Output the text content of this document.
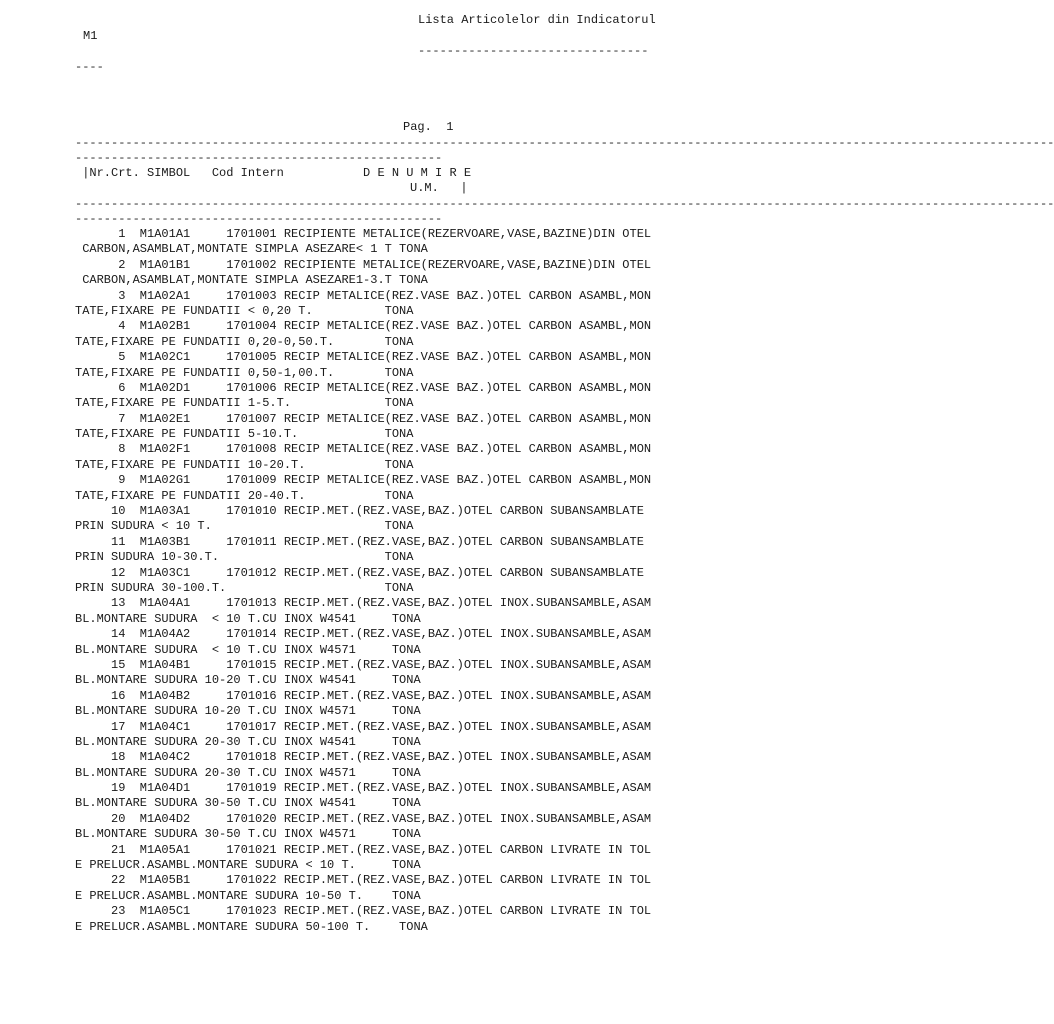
Lista Articolelor din Indicatorul
M1
--------------------------------
----
Pag.  1
----------------------------------------------------------------------------------------------------------------------------------------
---------------------------------------------------
|Nr.Crt. SIMBOL   Cod Intern           D E N U M I R E
U.M.   |
----------------------------------------------------------------------------------------------------------------------------------------
---------------------------------------------------
1  M1A01A1     1701001 RECIPIENTE METALICE(REZERVOARE,VASE,BAZINE)DIN OTEL
CARBON,ASAMBLAT,MONTATE SIMPLA ASEZARE< 1 T TONA
2  M1A01B1     1701002 RECIPIENTE METALICE(REZERVOARE,VASE,BAZINE)DIN OTEL
CARBON,ASAMBLAT,MONTATE SIMPLA ASEZARE1-3.T TONA
3  M1A02A1     1701003 RECIP METALICE(REZ.VASE BAZ.)OTEL CARBON ASAMBL,MON
TATE,FIXARE PE FUNDATII < 0,20 T.          TONA
4  M1A02B1     1701004 RECIP METALICE(REZ.VASE BAZ.)OTEL CARBON ASAMBL,MON
TATE,FIXARE PE FUNDATII 0,20-0,50.T.       TONA
5  M1A02C1     1701005 RECIP METALICE(REZ.VASE BAZ.)OTEL CARBON ASAMBL,MON
TATE,FIXARE PE FUNDATII 0,50-1,00.T.       TONA
6  M1A02D1     1701006 RECIP METALICE(REZ.VASE BAZ.)OTEL CARBON ASAMBL,MON
TATE,FIXARE PE FUNDATII 1-5.T.             TONA
7  M1A02E1     1701007 RECIP METALICE(REZ.VASE BAZ.)OTEL CARBON ASAMBL,MON
TATE,FIXARE PE FUNDATII 5-10.T.            TONA
8  M1A02F1     1701008 RECIP METALICE(REZ.VASE BAZ.)OTEL CARBON ASAMBL,MON
TATE,FIXARE PE FUNDATII 10-20.T.           TONA
9  M1A02G1     1701009 RECIP METALICE(REZ.VASE BAZ.)OTEL CARBON ASAMBL,MON
TATE,FIXARE PE FUNDATII 20-40.T.           TONA
10  M1A03A1     1701010 RECIP.MET.(REZ.VASE,BAZ.)OTEL CARBON SUBANSAMBLATE
PRIN SUDURA < 10 T.                        TONA
11  M1A03B1     1701011 RECIP.MET.(REZ.VASE,BAZ.)OTEL CARBON SUBANSAMBLATE
PRIN SUDURA 10-30.T.                       TONA
12  M1A03C1     1701012 RECIP.MET.(REZ.VASE,BAZ.)OTEL CARBON SUBANSAMBLATE
PRIN SUDURA 30-100.T.                      TONA
13  M1A04A1     1701013 RECIP.MET.(REZ.VASE,BAZ.)OTEL INOX.SUBANSAMBLE,ASAM
BL.MONTARE SUDURA  < 10 T.CU INOX W4541     TONA
14  M1A04A2     1701014 RECIP.MET.(REZ.VASE,BAZ.)OTEL INOX.SUBANSAMBLE,ASAM
BL.MONTARE SUDURA  < 10 T.CU INOX W4571     TONA
15  M1A04B1     1701015 RECIP.MET.(REZ.VASE,BAZ.)OTEL INOX.SUBANSAMBLE,ASAM
BL.MONTARE SUDURA 10-20 T.CU INOX W4541     TONA
16  M1A04B2     1701016 RECIP.MET.(REZ.VASE,BAZ.)OTEL INOX.SUBANSAMBLE,ASAM
BL.MONTARE SUDURA 10-20 T.CU INOX W4571     TONA
17  M1A04C1     1701017 RECIP.MET.(REZ.VASE,BAZ.)OTEL INOX.SUBANSAMBLE,ASAM
BL.MONTARE SUDURA 20-30 T.CU INOX W4541     TONA
18  M1A04C2     1701018 RECIP.MET.(REZ.VASE,BAZ.)OTEL INOX.SUBANSAMBLE,ASAM
BL.MONTARE SUDURA 20-30 T.CU INOX W4571     TONA
19  M1A04D1     1701019 RECIP.MET.(REZ.VASE,BAZ.)OTEL INOX.SUBANSAMBLE,ASAM
BL.MONTARE SUDURA 30-50 T.CU INOX W4541     TONA
20  M1A04D2     1701020 RECIP.MET.(REZ.VASE,BAZ.)OTEL INOX.SUBANSAMBLE,ASAM
BL.MONTARE SUDURA 30-50 T.CU INOX W4571     TONA
21  M1A05A1     1701021 RECIP.MET.(REZ.VASE,BAZ.)OTEL CARBON LIVRATE IN TOL
E PRELUCR.ASAMBL.MONTARE SUDURA < 10 T.     TONA
22  M1A05B1     1701022 RECIP.MET.(REZ.VASE,BAZ.)OTEL CARBON LIVRATE IN TOL
E PRELUCR.ASAMBL.MONTARE SUDURA 10-50 T.    TONA
23  M1A05C1     1701023 RECIP.MET.(REZ.VASE,BAZ.)OTEL CARBON LIVRATE IN TOL
E PRELUCR.ASAMBL.MONTARE SUDURA 50-100 T.    TONA
